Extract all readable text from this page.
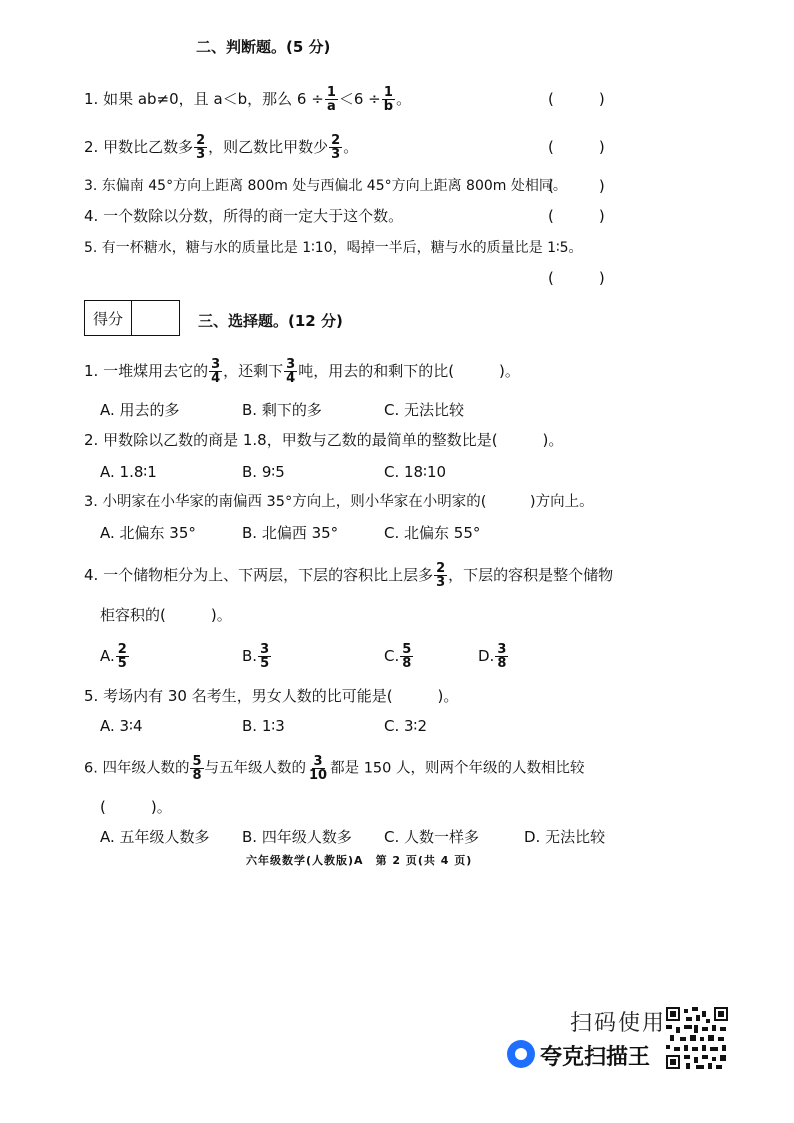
二、判断题。(5 分)
1. 如果 ab≠0，且 a＜b，那么 $6 \div \frac{1}{a} <6 \div \frac{1}{b}$ 。	(　　　)
2. 甲数比乙数多 $\frac{2}{3}$ ，则乙数比甲数少 $\frac{2}{3}$ 。	(　　　)
3. 东偏南 45°方向上距离 800m 处与西偏北 45°方向上距离 800m 处相同。
(　　　)
4. 一个数除以分数，所得的商一定大于这个数。	(　　　)
5. 有一杯糖水，糖与水的质量比是 1∶10，喝掉一半后，糖与水的质量比是 1∶5。
(　　　)
得分	三、选择题。(12 分)
1. 一堆煤用去它的 $\frac{3}{4}$ ，还剩下 $\frac{3}{4}$ 吨，用去的和剩下的比(　　　)。
A. 用去的多	B. 剩下的多	C. 无法比较
2. 甲数除以乙数的商是 1.8，甲数与乙数的最简单的整数比是(　　　)。
A. 1.8∶1	B. 9∶5	C. 18∶10
3. 小明家在小华家的南偏西 35°方向上，则小华家在小明家的(　　　)方向上。
A. 北偏东 35°	B. 北偏西 35°	C. 北偏东 55°
4. 一个储物柜分为上、下两层，下层的容积比上层多 $\frac{2}{3}$ ，下层的容积是整个储物
柜容积的(　　　)。
A. $\frac{2}{5}$	B. $\frac{3}{5}$	C. $\frac{5}{8}$	D. $\frac{3}{8}$
5. 考场内有 30 名考生，男女人数的比可能是(　　　)。
A. 3∶4	B. 1∶3	C. 3∶2
6. 四年级人数的 $\frac{5}{8}$ 与五年级人数的 $\frac{3}{10}$ 都是 150 人，则两个年级的人数相比较
(　　　)。
A. 五年级人数多 B. 四年级人数多 C. 人数一样多	D. 无法比较
六年级数学(人教版)A　第 2 页(共 4 页)
扫码使用
夸克扫描王
